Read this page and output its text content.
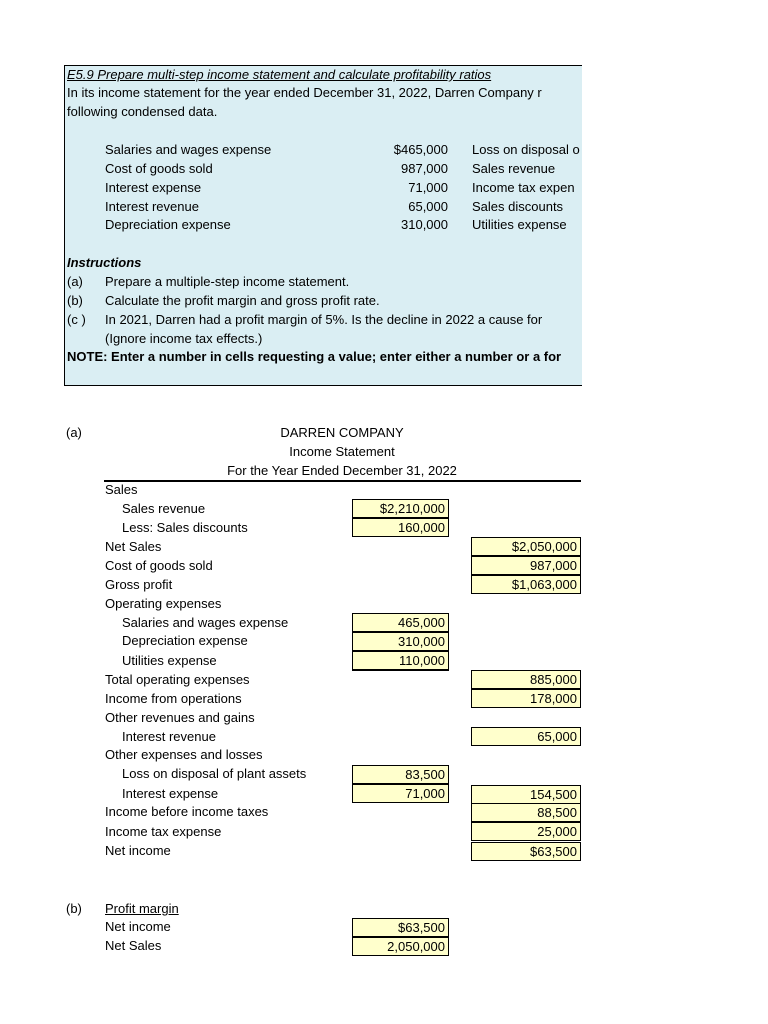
E5.9 Prepare multi-step income statement and calculate profitability ratios
In its income statement for the year ended December 31, 2022, Darren Company r
following condensed data.
Salaries and wages expense	$465,000 Loss on disposal o
Cost of goods sold	987,000 Sales revenue
Interest expense	71,000 Income tax expen
Interest revenue	65,000 Sales discounts
Depreciation expense	310,000 Utilities expense
Instructions
(a) Prepare a multiple-step income statement.
(b) Calculate the profit margin and gross profit rate.
(c ) In 2021, Darren had a profit margin of 5%. Is the decline in 2022 a cause for
(Ignore income tax effects.)
NOTE: Enter a number in cells requesting a value; enter either a number or a for
(a)	DARREN COMPANY
Income Statement
For the Year Ended December 31, 2022
Sales
Sales revenue	$2,210,000
Less: Sales discounts	160,000
Net Sales	$2,050,000
Cost of goods sold	987,000
Gross profit	$1,063,000
Operating expenses
Salaries and wages expense	465,000
Depreciation expense	310,000
Utilities expense	110,000
Total operating expenses	885,000
Income from operations	178,000
Other revenues and gains
Interest revenue	65,000
Other expenses and losses
Loss on disposal of plant assets	83,500
Interest expense	71,000	154,500
Income before income taxes	88,500
Income tax expense	25,000
Net income	$63,500
(b) Profit margin
Net income	$63,500
Net Sales	2,050,000
